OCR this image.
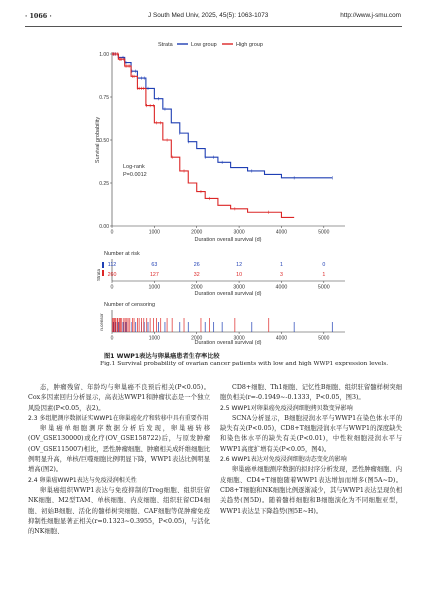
· 1066 ·	J South Med Univ, 2025, 45(5): 1063-1073	http://www.j-smu.com
Strata	Low group	High group
Survival probability
0.00
0.25
0.50
0.75
1.00
0	1000	2000	3000	4000	5000
Duration overall survival (d)
Log-rank
P=0.0012
Number at risk
Strata
112	63	26	12	1	0
260	127	32	10	3	1
0	1000	2000	3000	4000	5000
Duration overall survival (d)
Number of censoring
n.censor
0	1000	2000	3000	4000	5000
Duration overall survival (d)
图1 WWP1表达与卵巢癌患者生存率比较
Fig.1 Survival probability of ovarian cancer patients with low and high WWP1 expression levels.

态，肿瘤残留、年龄均与卵巢癌不良预后相关(P<0.05)。Cox多因素回归分析显示，高表达WWP1和肿瘤状态是一个独立风险因素(P<0.05，表2)。

2.3 多组肥测序数据证实WWP1在卵巢癌化疗和转移中具有重要作用

卵巢癌单细胞测序数据分析后发现，卵巢癌转移(OV_GSE130000)或化疗(OV_GSE158722)后，与原发肿瘤(OV_GSE115007)相比，恶性肿瘤细胞、肿瘤相关成纤维细胞比例明显升高，单核/巨噬细胞比例明显下降，WWP1表达比例明显增高(图2)。

2.4 卵巢癌WWP1表达与免疫浸润相关性

卵巢癌组织WWP1表达与免疫抑制的Treg细胞、组织驻留NK细胞、M2型TAM、单核细胞、内皮细胞、组织驻留CD4细胞、初始B细胞、活化的髓样树突细胞、CAF细胞等促肿瘤免疫抑制性细胞显著正相关(r=0.1323~0.3955，P<0.05)，与活化的NK细胞、

CD8+细胞、Th1细胞、记忆性B细胞、组织驻留髓样树突细胞负相关(r=-0.1949~-0.1333，P<0.05，图3)。

2.5 WWP1对卵巢癌免疫浸润细胞拷贝数变异影响

SCNA分析显示，B细胞浸润水平与WWP1在染色体水平的缺失有关(P<0.05)，CD8+T细胞浸润水平与WWP1的深度缺失和染色体水平的缺失有关(P<0.01)，中性粒细胞浸润水平与WWP1高度扩增有关(P<0.05，图4)。

2.6 WWP1表达对免疫浸润细胞动态变化的影响

卵巢癌单细胞测序数据的拟时序分析发现，恶性肿瘤细胞、内皮细胞、CD4+T细胞随着WWP1表达增加而增多(图5A~D)。CD8+T细胞和NK细胞比例逐渐减少，其与WWP1表达呈现负相关趋势(图5D)。随着髓样细胞和B细胞演化为不同细胞亚型，WWP1表达呈下降趋势(图5E~H)。
